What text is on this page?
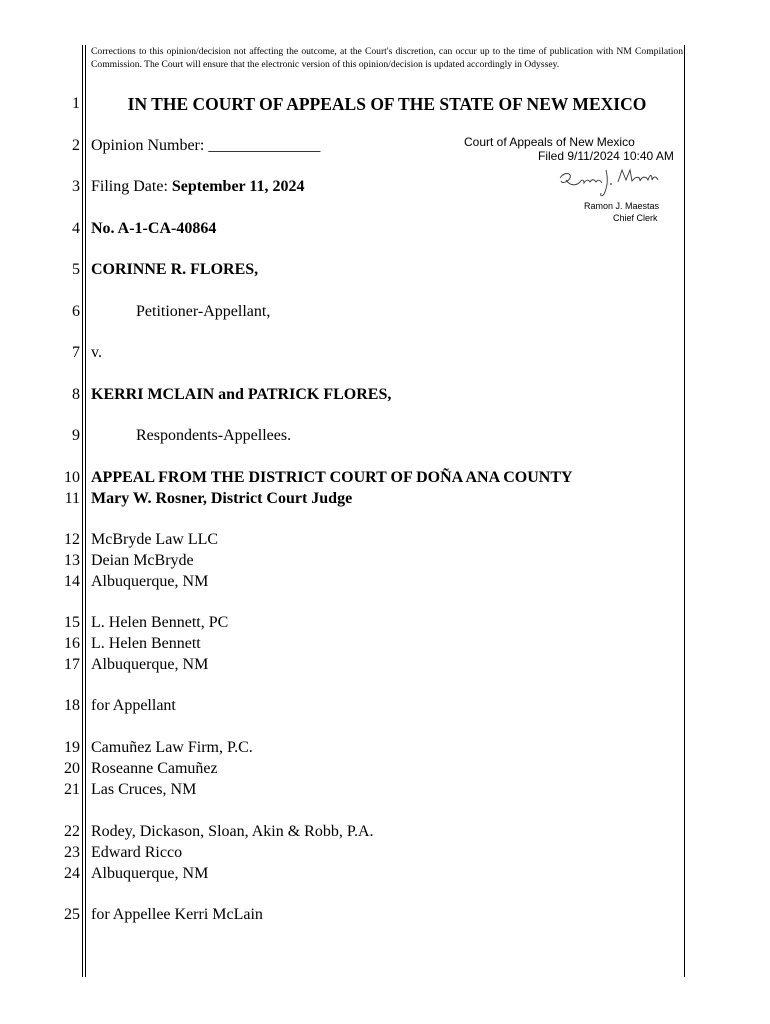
Corrections to this opinion/decision not affecting the outcome, at the Court's discretion, can occur up to the time of publication with NM Compilation Commission. The Court will ensure that the electronic version of this opinion/decision is updated accordingly in Odyssey.
IN THE COURT OF APPEALS OF THE STATE OF NEW MEXICO
Court of Appeals of New Mexico
Filed 9/11/2024 10:40 AM
Ramon J. Maestas
Chief Clerk
1
2
3
4
5
6
7
8
9
10
11
12
13
14
15
16
17
18
19
20
21
22
23
24
25
Opinion Number: ______________
Filing Date: September 11, 2024
No. A-1-CA-40864
CORINNE R. FLORES,
Petitioner-Appellant,
v.
KERRI MCLAIN and PATRICK FLORES,
Respondents-Appellees.
APPEAL FROM THE DISTRICT COURT OF DOÑA ANA COUNTY
Mary W. Rosner, District Court Judge
McBryde Law LLC
Deian McBryde
Albuquerque, NM
L. Helen Bennett, PC
L. Helen Bennett
Albuquerque, NM
for Appellant
Camuñez Law Firm, P.C.
Roseanne Camuñez
Las Cruces, NM
Rodey, Dickason, Sloan, Akin & Robb, P.A.
Edward Ricco
Albuquerque, NM
for Appellee Kerri McLain
